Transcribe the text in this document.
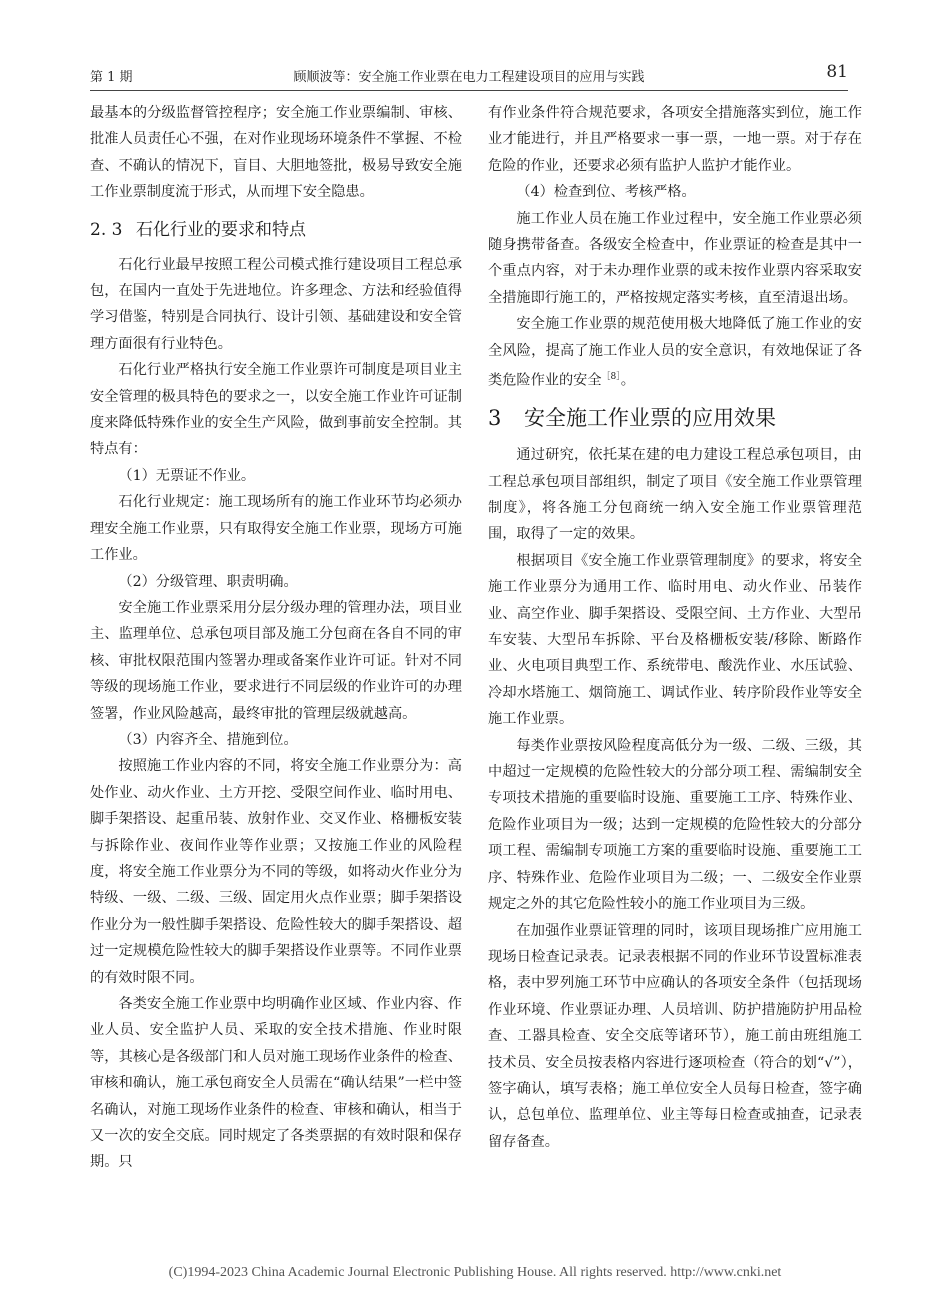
第 1 期	顾顺波等：安全施工作业票在电力工程建设项目的应用与实践	81

最基本的分级监督管控程序；安全施工作业票编制、审核、批准人员责任心不强，在对作业现场环境条件不掌握、不检查、不确认的情况下，盲目、大胆地签批，极易导致安全施工作业票制度流于形式，从而埋下安全隐患。

2. 3 石化行业的要求和特点

石化行业最早按照工程公司模式推行建设项目工程总承包，在国内一直处于先进地位。许多理念、方法和经验值得学习借鉴，特别是合同执行、设计引领、基础建设和安全管理方面很有行业特色。

石化行业严格执行安全施工作业票许可制度是项目业主安全管理的极具特色的要求之一，以安全施工作业许可证制度来降低特殊作业的安全生产风险，做到事前安全控制。其特点有：

（1）无票证不作业。

石化行业规定：施工现场所有的施工作业环节均必须办理安全施工作业票，只有取得安全施工作业票，现场方可施工作业。

（2）分级管理、职责明确。

安全施工作业票采用分层分级办理的管理办法，项目业主、监理单位、总承包项目部及施工分包商在各自不同的审核、审批权限范围内签署办理或备案作业许可证。针对不同等级的现场施工作业，要求进行不同层级的作业许可的办理签署，作业风险越高，最终审批的管理层级就越高。

（3）内容齐全、措施到位。

按照施工作业内容的不同，将安全施工作业票分为：高处作业、动火作业、土方开挖、受限空间作业、临时用电、脚手架搭设、起重吊装、放射作业、交叉作业、格栅板安装与拆除作业、夜间作业等作业票；又按施工作业的风险程度，将安全施工作业票分为不同的等级，如将动火作业分为特级、一级、二级、三级、固定用火点作业票；脚手架搭设作业分为一般性脚手架搭设、危险性较大的脚手架搭设、超过一定规模危险性较大的脚手架搭设作业票等。不同作业票的有效时限不同。

各类安全施工作业票中均明确作业区域、作业内容、作业人员、安全监护人员、采取的安全技术措施、作业时限等，其核心是各级部门和人员对施工现场作业条件的检查、审核和确认，施工承包商安全人员需在“确认结果”一栏中签名确认，对施工现场作业条件的检查、审核和确认，相当于又一次的安全交底。同时规定了各类票据的有效时限和保存期。只

有作业条件符合规范要求，各项安全措施落实到位，施工作业才能进行，并且严格要求一事一票，一地一票。对于存在危险的作业，还要求必须有监护人监护才能作业。

（4）检查到位、考核严格。

施工作业人员在施工作业过程中，安全施工作业票必须随身携带备查。各级安全检查中，作业票证的检查是其中一个重点内容，对于未办理作业票的或未按作业票内容采取安全措施即行施工的，严格按规定落实考核，直至清退出场。

安全施工作业票的规范使用极大地降低了施工作业的安全风险，提高了施工作业人员的安全意识，有效地保证了各类危险作业的安全$^{[8]}$。

3 安全施工作业票的应用效果

通过研究，依托某在建的电力建设工程总承包项目，由工程总承包项目部组织，制定了项目《安全施工作业票管理制度》，将各施工分包商统一纳入安全施工作业票管理范围，取得了一定的效果。

根据项目《安全施工作业票管理制度》的要求，将安全施工作业票分为通用工作、临时用电、动火作业、吊装作业、高空作业、脚手架搭设、受限空间、土方作业、大型吊车安装、大型吊车拆除、平台及格栅板安装/移除、断路作业、火电项目典型工作、系统带电、酸洗作业、水压试验、冷却水塔施工、烟筒施工、调试作业、转序阶段作业等安全施工作业票。

每类作业票按风险程度高低分为一级、二级、三级，其中超过一定规模的危险性较大的分部分项工程、需编制安全专项技术措施的重要临时设施、重要施工工序、特殊作业、危险作业项目为一级；达到一定规模的危险性较大的分部分项工程、需编制专项施工方案的重要临时设施、重要施工工序、特殊作业、危险作业项目为二级；一、二级安全作业票规定之外的其它危险性较小的施工作业项目为三级。

在加强作业票证管理的同时，该项目现场推广应用施工现场日检查记录表。记录表根据不同的作业环节设置标准表格，表中罗列施工环节中应确认的各项安全条件（包括现场作业环境、作业票证办理、人员培训、防护措施防护用品检查、工器具检查、安全交底等诸环节），施工前由班组施工技术员、安全员按表格内容进行逐项检查（符合的划“√”），签字确认，填写表格；施工单位安全人员每日检查，签字确认，总包单位、监理单位、业主等每日检查或抽查，记录表留存备查。

(C)1994-2023 China Academic Journal Electronic Publishing House. All rights reserved. http://www.cnki.net
